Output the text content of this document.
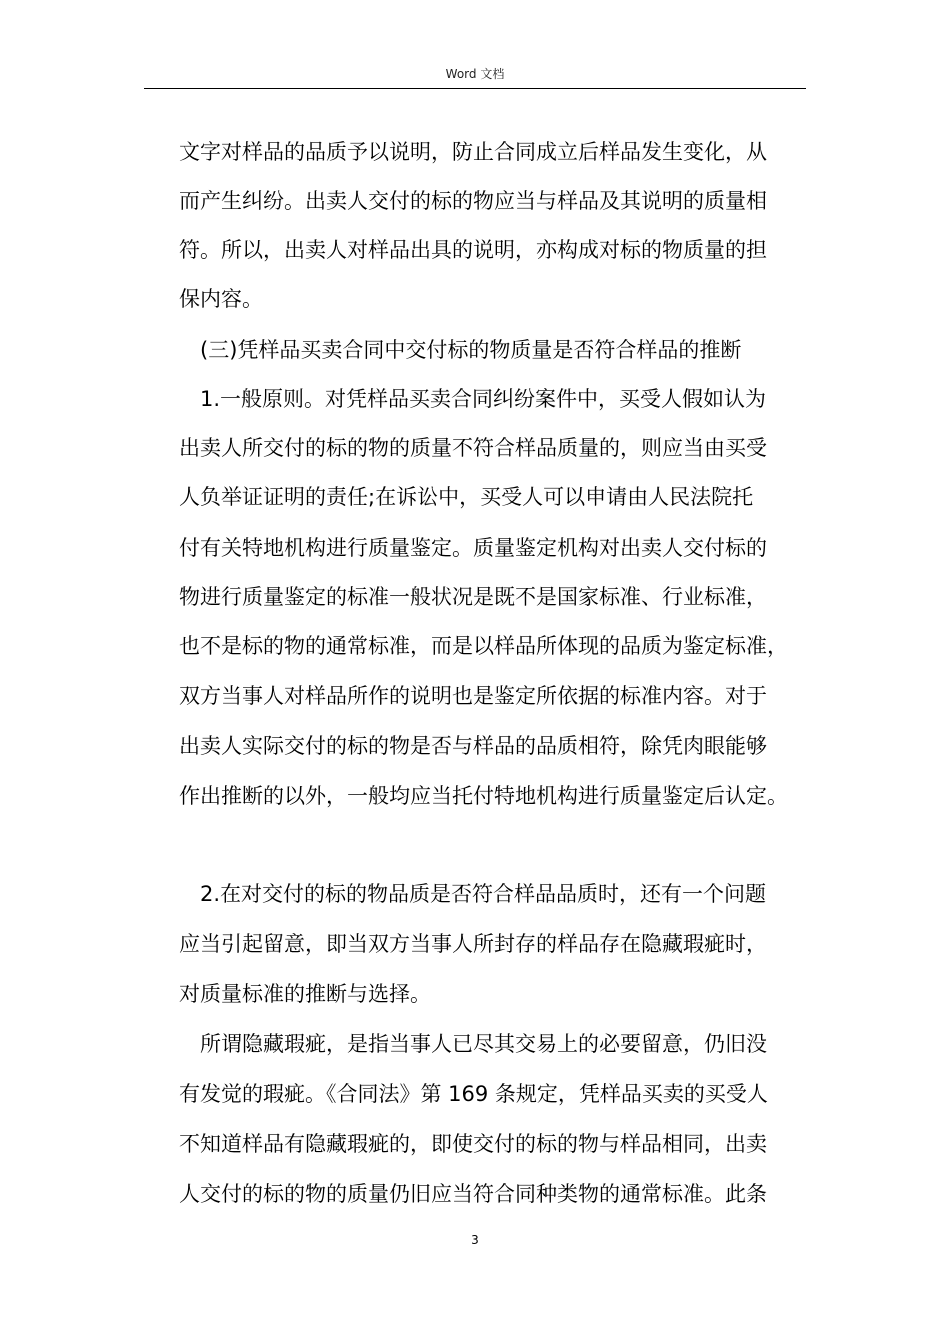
Word 文档
文字对样品的品质予以说明，防止合同成立后样品发生变化，从
而产生纠纷。出卖人交付的标的物应当与样品及其说明的质量相
符。所以，出卖人对样品出具的说明，亦构成对标的物质量的担
保内容。
(三)凭样品买卖合同中交付标的物质量是否符合样品的推断
1.一般原则。对凭样品买卖合同纠纷案件中，买受人假如认为
出卖人所交付的标的物的质量不符合样品质量的，则应当由买受
人负举证证明的责任;在诉讼中，买受人可以申请由人民法院托
付有关特地机构进行质量鉴定。质量鉴定机构对出卖人交付标的
物进行质量鉴定的标准一般状况是既不是国家标准、行业标准，
也不是标的物的通常标准，而是以样品所体现的品质为鉴定标准，
双方当事人对样品所作的说明也是鉴定所依据的标准内容。对于
出卖人实际交付的标的物是否与样品的品质相符，除凭肉眼能够
作出推断的以外，一般均应当托付特地机构进行质量鉴定后认定。
2.在对交付的标的物品质是否符合样品品质时，还有一个问题
应当引起留意，即当双方当事人所封存的样品存在隐藏瑕疵时，
对质量标准的推断与选择。
所谓隐藏瑕疵，是指当事人已尽其交易上的必要留意，仍旧没
有发觉的瑕疵。《合同法》第 169 条规定，凭样品买卖的买受人
不知道样品有隐藏瑕疵的，即使交付的标的物与样品相同，出卖
人交付的标的物的质量仍旧应当符合同种类物的通常标准。此条
3
